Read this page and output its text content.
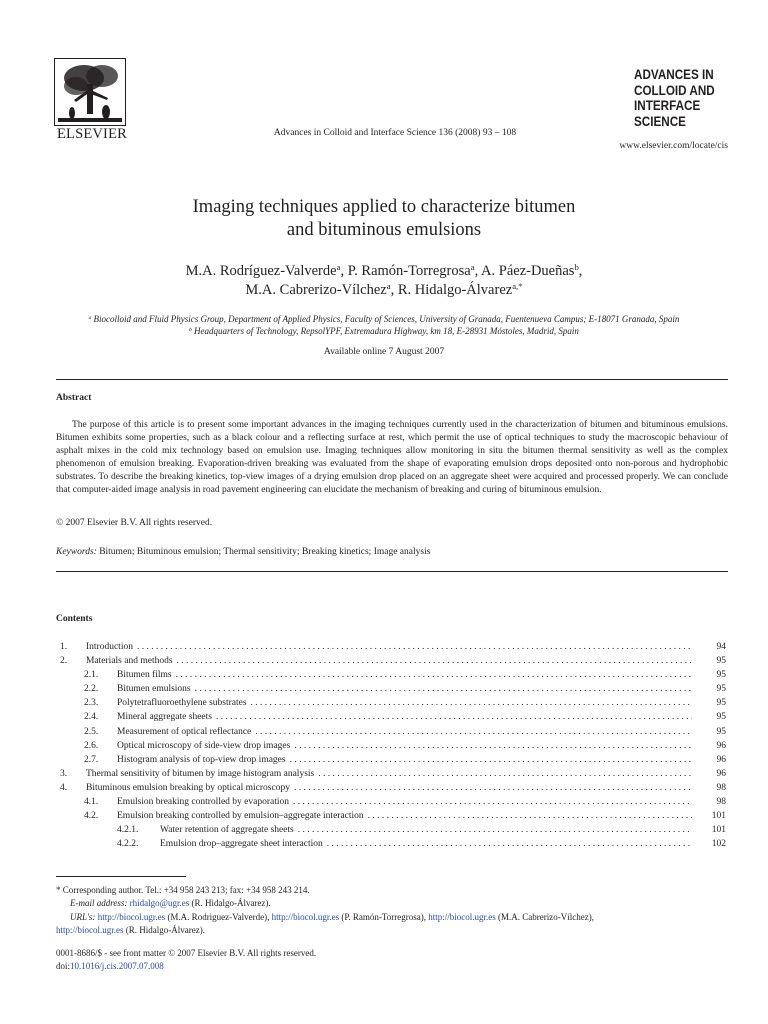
ELSEVIER	Advances in Colloid and Interface Science 136 (2008) 93 – 108
ADVANCES IN
COLLOID AND
INTERFACE
SCIENCE
www.elsevier.com/locate/cis
Imaging techniques applied to characterize bitumen
and bituminous emulsions
M.A. Rodríguez-Valverde$^a$, P. Ramón-Torregrosa$^a$, A. Páez-Dueñas$^b$,
M.A. Cabrerizo-Vílchez$^a$, R. Hidalgo-Álvarez$^{a,*}$
$^a$ Biocolloid and Fluid Physics Group, Department of Applied Physics, Faculty of Sciences, University of Granada, Fuentenueva Campus; E-18071 Granada, Spain
$^b$ Headquarters of Technology, RepsolYPF, Extremadura Highway, km 18, E-28931 Móstoles, Madrid, Spain
Available online 7 August 2007
Abstract
The purpose of this article is to present some important advances in the imaging techniques currently used in the characterization of bitumen and bituminous emulsions. Bitumen exhibits some properties, such as a black colour and a reflecting surface at rest, which permit the use of optical techniques to study the macroscopic behaviour of asphalt mixes in the cold mix technology based on emulsion use. Imaging techniques allow monitoring in situ the bitumen thermal sensitivity as well as the complex phenomenon of emulsion breaking. Evaporation-driven breaking was evaluated from the shape of evaporating emulsion drops deposited onto non-porous and hydrophobic substrates. To describe the breaking kinetics, top-view images of a drying emulsion drop placed on an aggregate sheet were acquired and processed properly. We can conclude that computer-aided image analysis in road pavement engineering can elucidate the mechanism of breaking and curing of bituminous emulsion.
© 2007 Elsevier B.V. All rights reserved.
Keywords: Bitumen; Bituminous emulsion; Thermal sensitivity; Breaking kinetics; Image analysis
Contents
1. Introduction . . .	94
2. Materials and methods . . .	95
2.1. Bitumen films . . .	95
2.2. Bitumen emulsions . . .	95
2.3. Polytetrafluoroethylene substrates . . .	95
2.4. Mineral aggregate sheets . . .	95
2.5. Measurement of optical reflectance . . .	95
2.6. Optical microscopy of side-view drop images . . .	96
2.7. Histogram analysis of top-view drop images . . .	96
3. Thermal sensitivity of bitumen by image histogram analysis . . .	96
4. Bituminous emulsion breaking by optical microscopy . . .	98
4.1. Emulsion breaking controlled by evaporation . . .	98
4.2. Emulsion breaking controlled by emulsion–aggregate interaction . . .	101
4.2.1. Water retention of aggregate sheets . . .	101
4.2.2. Emulsion drop–aggregate sheet interaction . . .	102
* Corresponding author. Tel.: +34 958 243 213; fax: +34 958 243 214.
E-mail address: rhidalgo@ugr.es (R. Hidalgo-Álvarez).
URL's: http://biocol.ugr.es (M.A. Rodriguez-Valverde), http://biocol.ugr.es (P. Ramón-Torregrosa), http://biocol.ugr.es (M.A. Cabrerizo-Vílchez),
http://biocol.ugr.es (R. Hidalgo-Álvarez).
0001-8686/$ - see front matter © 2007 Elsevier B.V. All rights reserved.
doi:10.1016/j.cis.2007.07.008
